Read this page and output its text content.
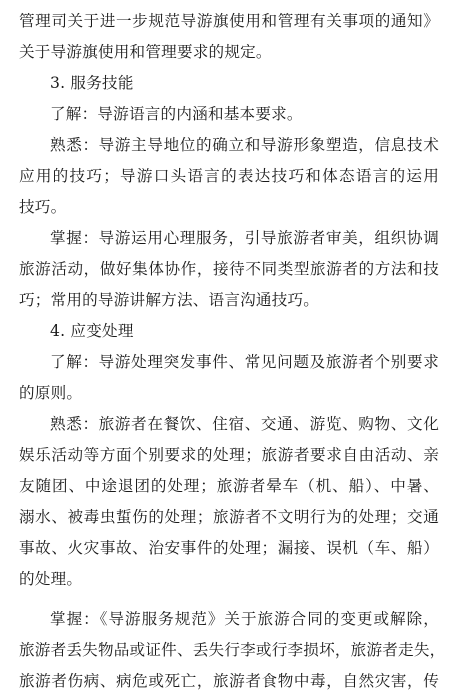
管理司关于进一步规范导游旗使用和管理有关事项的通知》
关于导游旗使用和管理要求的规定。
3. 服务技能
了解：导游语言的内涵和基本要求。
熟悉：导游主导地位的确立和导游形象塑造，信息技术
应用的技巧；导游口头语言的表达技巧和体态语言的运用
技巧。
掌握：导游运用心理服务，引导旅游者审美，组织协调
旅游活动，做好集体协作，接待不同类型旅游者的方法和技
巧；常用的导游讲解方法、语言沟通技巧。
4. 应变处理
了解：导游处理突发事件、常见问题及旅游者个别要求
的原则。
熟悉：旅游者在餐饮、住宿、交通、游览、购物、文化
娱乐活动等方面个别要求的处理；旅游者要求自由活动、亲
友随团、中途退团的处理；旅游者晕车（机、船）、中暑、
溺水、被毒虫蜇伤的处理；旅游者不文明行为的处理；交通
事故、火灾事故、治安事件的处理；漏接、误机（车、船）
的处理。
掌握：《导游服务规范》关于旅游合同的变更或解除，
旅游者丢失物品或证件、丢失行李或行李损坏，旅游者走失，
旅游者伤病、病危或死亡，旅游者食物中毒，自然灾害，传
